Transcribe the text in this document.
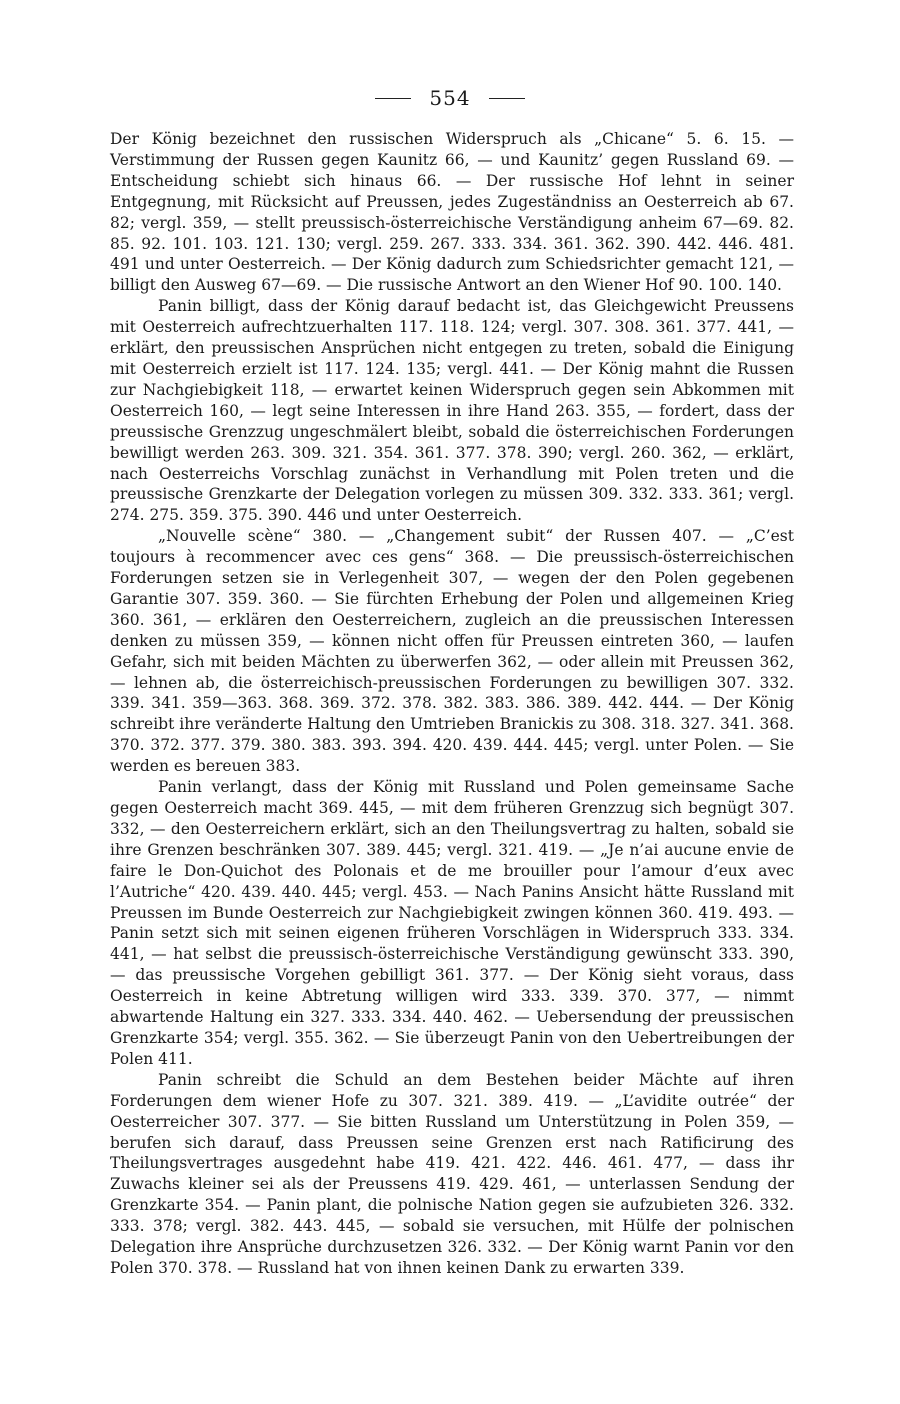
554

Der König bezeichnet den russischen Widerspruch als „Chicane“ 5. 6. 15. — Verstimmung der Russen gegen Kaunitz 66, — und Kaunitz’ gegen Russland 69. — Entscheidung schiebt sich hinaus 66. — Der russische Hof lehnt in seiner Entgegnung, mit Rücksicht auf Preussen, jedes Zugeständniss an Oesterreich ab 67. 82; vergl. 359, — stellt preussisch-österreichische Verständigung anheim 67—69. 82. 85. 92. 101. 103. 121. 130; vergl. 259. 267. 333. 334. 361. 362. 390. 442. 446. 481. 491 und unter Oesterreich. — Der König dadurch zum Schiedsrichter gemacht 121, — billigt den Ausweg 67—69. — Die russische Antwort an den Wiener Hof 90. 100. 140.

Panin billigt, dass der König darauf bedacht ist, das Gleichgewicht Preussens mit Oesterreich aufrechtzuerhalten 117. 118. 124; vergl. 307. 308. 361. 377. 441, — erklärt, den preussischen Ansprüchen nicht entgegen zu treten, sobald die Einigung mit Oesterreich erzielt ist 117. 124. 135; vergl. 441. — Der König mahnt die Russen zur Nachgiebigkeit 118, — erwartet keinen Widerspruch gegen sein Abkommen mit Oesterreich 160, — legt seine Interessen in ihre Hand 263. 355, — fordert, dass der preussische Grenzzug ungeschmälert bleibt, sobald die österreichischen Forderungen bewilligt werden 263. 309. 321. 354. 361. 377. 378. 390; vergl. 260. 362, — erklärt, nach Oesterreichs Vorschlag zunächst in Verhandlung mit Polen treten und die preussische Grenzkarte der Delegation vorlegen zu müssen 309. 332. 333. 361; vergl. 274. 275. 359. 375. 390. 446 und unter Oesterreich.

„Nouvelle scène“ 380. — „Changement subit“ der Russen 407. — „C’est toujours à recommencer avec ces gens“ 368. — Die preussisch-österreichischen Forderungen setzen sie in Verlegenheit 307, — wegen der den Polen gegebenen Garantie 307. 359. 360. — Sie fürchten Erhebung der Polen und allgemeinen Krieg 360. 361, — erklären den Oesterreichern, zugleich an die preussischen Interessen denken zu müssen 359, — können nicht offen für Preussen eintreten 360, — laufen Gefahr, sich mit beiden Mächten zu überwerfen 362, — oder allein mit Preussen 362, — lehnen ab, die österreichisch-preussischen Forderungen zu bewilligen 307. 332. 339. 341. 359—363. 368. 369. 372. 378. 382. 383. 386. 389. 442. 444. — Der König schreibt ihre veränderte Haltung den Umtrieben Branickis zu 308. 318. 327. 341. 368. 370. 372. 377. 379. 380. 383. 393. 394. 420. 439. 444. 445; vergl. unter Polen. — Sie werden es bereuen 383.

Panin verlangt, dass der König mit Russland und Polen gemeinsame Sache gegen Oesterreich macht 369. 445, — mit dem früheren Grenzzug sich begnügt 307. 332, — den Oesterreichern erklärt, sich an den Theilungsvertrag zu halten, sobald sie ihre Grenzen beschränken 307. 389. 445; vergl. 321. 419. — „Je n’ai aucune envie de faire le Don-Quichot des Polonais et de me brouiller pour l’amour d’eux avec l’Autriche“ 420. 439. 440. 445; vergl. 453. — Nach Panins Ansicht hätte Russland mit Preussen im Bunde Oesterreich zur Nachgiebigkeit zwingen können 360. 419. 493. — Panin setzt sich mit seinen eigenen früheren Vorschlägen in Widerspruch 333. 334. 441, — hat selbst die preussisch-österreichische Verständigung gewünscht 333. 390, — das preussische Vorgehen gebilligt 361. 377. — Der König sieht voraus, dass Oesterreich in keine Abtretung willigen wird 333. 339. 370. 377, — nimmt abwartende Haltung ein 327. 333. 334. 440. 462. — Uebersendung der preussischen Grenzkarte 354; vergl. 355. 362. — Sie überzeugt Panin von den Uebertreibungen der Polen 411.

Panin schreibt die Schuld an dem Bestehen beider Mächte auf ihren Forderungen dem wiener Hofe zu 307. 321. 389. 419. — „L’avidite outrée“ der Oesterreicher 307. 377. — Sie bitten Russland um Unterstützung in Polen 359, — berufen sich darauf, dass Preussen seine Grenzen erst nach Ratificirung des Theilungsvertrages ausgedehnt habe 419. 421. 422. 446. 461. 477, — dass ihr Zuwachs kleiner sei als der Preussens 419. 429. 461, — unterlassen Sendung der Grenzkarte 354. — Panin plant, die polnische Nation gegen sie aufzubieten 326. 332. 333. 378; vergl. 382. 443. 445, — sobald sie versuchen, mit Hülfe der polnischen Delegation ihre Ansprüche durchzusetzen 326. 332. — Der König warnt Panin vor den Polen 370. 378. — Russland hat von ihnen keinen Dank zu erwarten 339.
